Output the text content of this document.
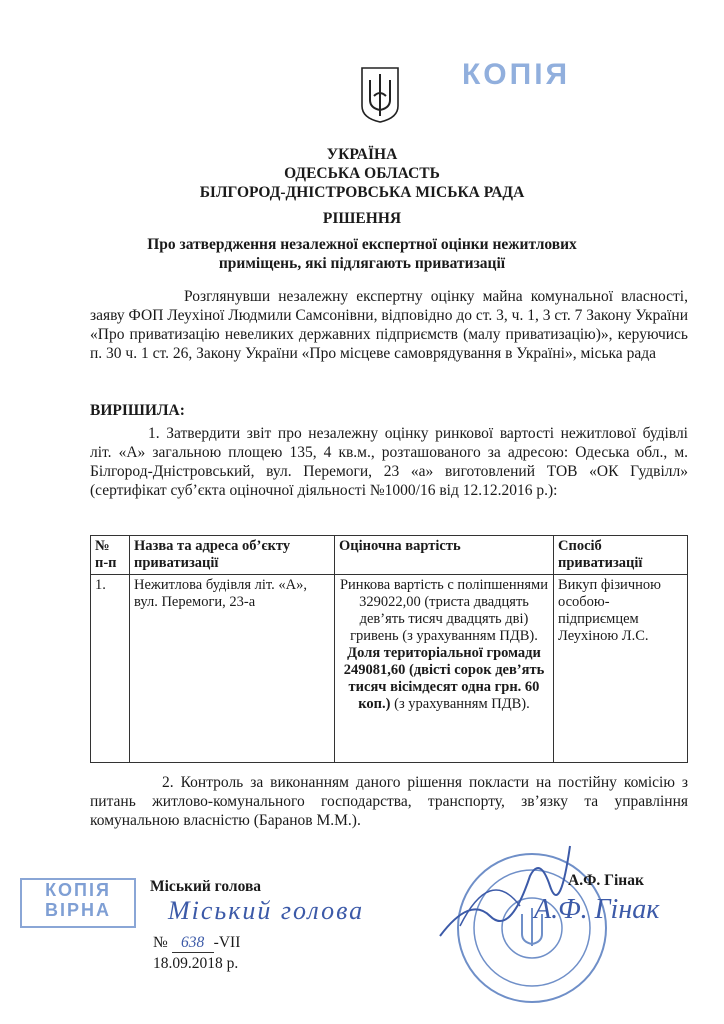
КОПІЯ
УКРАЇНА
ОДЕСЬКА ОБЛАСТЬ
БІЛГОРОД-ДНІСТРОВСЬКА МІСЬКА РАДА
РІШЕННЯ
Про затвердження незалежної експертної оцінки нежитлових
приміщень, які підлягають приватизації
Розглянувши незалежну експертну оцінку майна комунальної власності, заяву ФОП Леухіної Людмили Самсонівни, відповідно до ст. 3, ч. 1, 3 ст. 7 Закону України «Про приватизацію невеликих державних підприємств (малу приватизацію)», керуючись п. 30 ч. 1 ст. 26, Закону України «Про місцеве самоврядування в Україні», міська рада
ВИРІШИЛА:
1. Затвердити звіт про незалежну оцінку ринкової вартості нежитлової будівлі літ. «А» загальною площею 135, 4 кв.м., розташованого за адресою: Одеська обл., м. Білгород-Дністровський, вул. Перемоги, 23 «а» виготовлений ТОВ «ОК Гудвілл» (сертифікат суб’єкта оціночної діяльності №1000/16 від 12.12.2016 р.):
№ п-п	Назва та адреса об’єкту приватизації	Оціночна вартість	Спосіб приватизації
1.	Нежитлова будівля літ. «А», вул. Перемоги, 23-а	Ринкова вартість с поліпшеннями 329022,00 (триста двадцять дев’ять тисяч двадцять дві) гривень (з урахуванням ПДВ). Доля територіальної громади 249081,60 (двісті сорок дев’ять тисяч вісімдесят одна грн. 60 коп.) (з урахуванням ПДВ).	Викуп фізичною особою-підприємцем Леухіною Л.С.
2. Контроль за виконанням даного рішення покласти на постійну комісію з питань житлово-комунального господарства, транспорту, зв’язку та управління комунальною власністю (Баранов М.М.).
КОПІЯ
ВІРНА
Міський голова	А.Ф. Гінак
Міський голова	А.Ф. Гінак
№ 638 -VII
18.09.2018 р.
